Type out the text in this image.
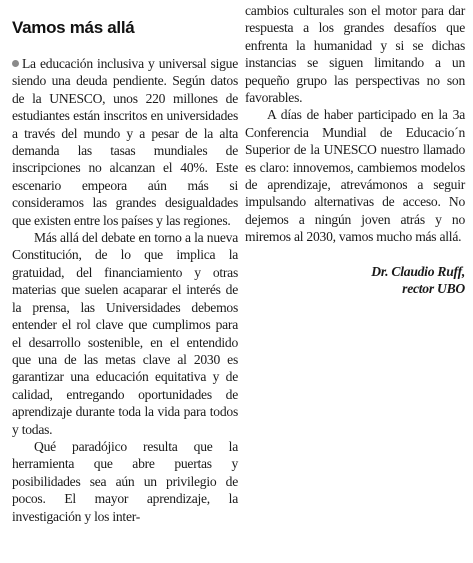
Vamos más allá

La educación inclusiva y universal sigue siendo una deuda pendiente. Según datos de la UNESCO, unos 220 millones de estudiantes están inscritos en universidades a través del mundo y a pesar de la alta demanda las tasas mundiales de inscripciones no alcanzan el 40%. Este escenario empeora aún más si consideramos las grandes desigualdades que existen entre los países y las regiones.

Más allá del debate en torno a la nueva Constitución, de lo que implica la gratuidad, del financiamiento y otras materias que suelen acaparar el interés de la prensa, las Universidades debemos entender el rol clave que cumplimos para el desarrollo sostenible, en el entendido que una de las metas clave al 2030 es garantizar una educación equitativa y de calidad, entregando oportunidades de aprendizaje durante toda la vida para todos y todas.

Qué paradójico resulta que la herramienta que abre puertas y posibilidades sea aún un privilegio de pocos. El mayor aprendizaje, la investigación y los inter-

cambios culturales son el motor para dar respuesta a los grandes desafíos que enfrenta la humanidad y si se dichas instancias se siguen limitando a un pequeño grupo las perspectivas no son favorables.

A días de haber participado en la 3a Conferencia Mundial de Educacio´n Superior de la UNESCO nuestro llamado es claro: innovemos, cambiemos modelos de aprendizaje, atrevámonos a seguir impulsando alternativas de acceso. No dejemos a ningún joven atrás y no miremos al 2030, vamos mucho más allá.

Dr. Claudio Ruff,

rector UBO
